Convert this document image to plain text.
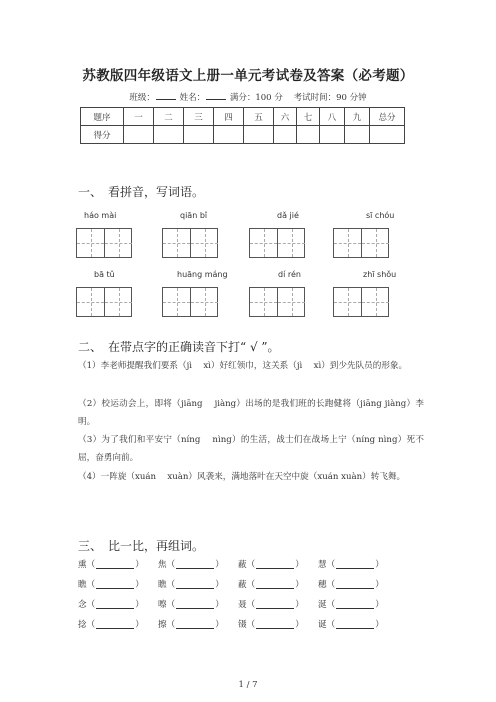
苏教版四年级语文上册一单元考试卷及答案（必考题）
班级：	姓名：	满分：100 分 考试时间：90 分钟
题序	一	二	三	四	五	六	七	八	九	总分
得分										
一、　看拼音，写词语。
háo mài	qiān bǐ	dǎ jié	sī chóu
bā tǔ	huāng máng	dí rén	zhī shǒu
二、　在带点字的正确读音下打“ √ ”。
（1）李老师提醒我们要系（jì　 xì）好红领巾，这关系（jì　 xì）到少先队员的形象。
（2）校运动会上，即将（jiāng　 jiàng）出场的是我们班的长跑健将（jiāng jiàng）李明。
（3）为了我们和平安宁（níng　 nìng）的生活，战士们在战场上宁（níng nìng）死不屈，奋勇向前。
（4）一阵旋（xuán　 xuàn）风袭来，满地落叶在天空中旋（xuán xuàn）转飞舞。
三、　比一比，再组词。
熏（	） 焦（	） 蔽（	） 慧（	）
瞧（	） 瞧（	） 蔽（	） 穗（	）
念（	） 嚓（	） 聂（	） 涎（	）
捻（	） 擦（	） 镊（	） 诞（	）
1 / 7
